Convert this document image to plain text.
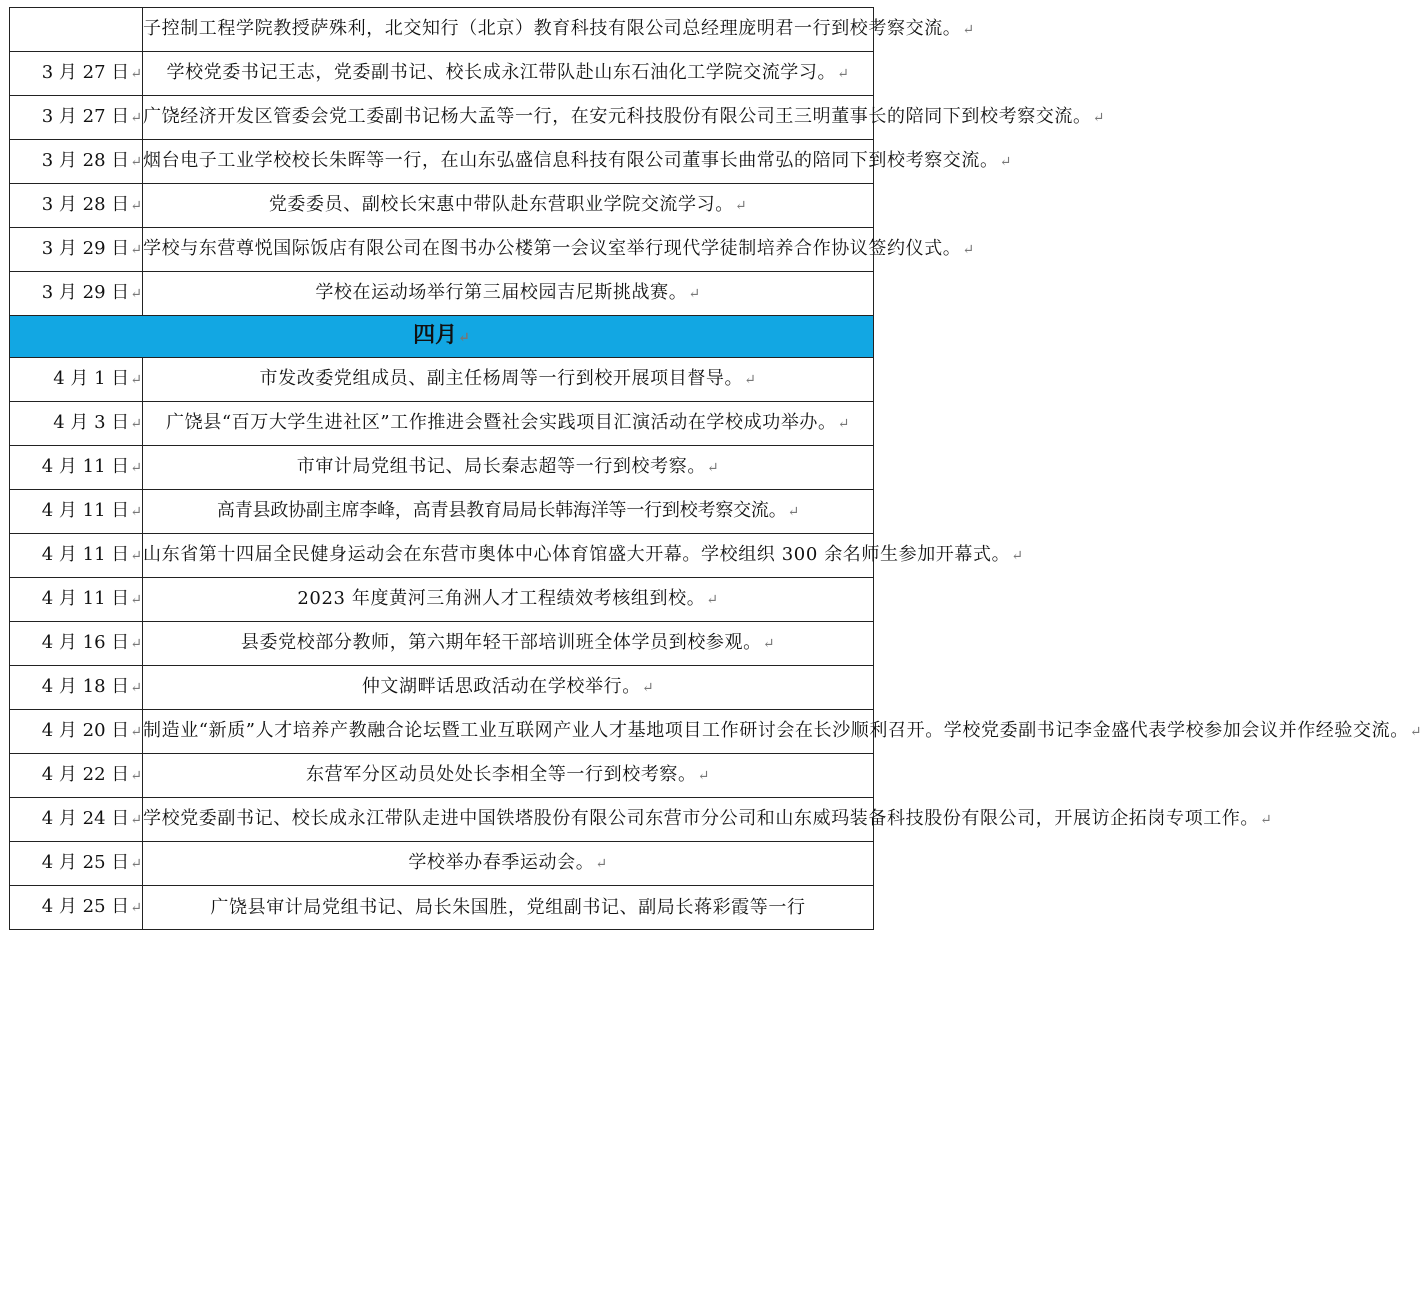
	子控制工程学院教授萨殊利，北交知行（北京）教育科技有限公司总经理庞明君一行到校考察交流。 ↵
3 月 27 日 ↵	学校党委书记王志，党委副书记、校长成永江带队赴山东石油化工学院交流学习。 ↵
3 月 27 日 ↵	广饶经济开发区管委会党工委副书记杨大孟等一行，在安元科技股份有限公司王三明董事长的陪同下到校考察交流。 ↵
3 月 28 日 ↵	烟台电子工业学校校长朱晖等一行，在山东弘盛信息科技有限公司董事长曲常弘的陪同下到校考察交流。 ↵
3 月 28 日 ↵	党委委员、副校长宋惠中带队赴东营职业学院交流学习。 ↵
3 月 29 日 ↵	学校与东营尊悦国际饭店有限公司在图书办公楼第一会议室举行现代学徒制培养合作协议签约仪式。 ↵
3 月 29 日 ↵	学校在运动场举行第三届校园吉尼斯挑战赛。 ↵
四月 ↵
4 月 1 日 ↵	市发改委党组成员、副主任杨周等一行到校开展项目督导。 ↵
4 月 3 日 ↵	广饶县“百万大学生进社区”工作推进会暨社会实践项目汇演活动在学校成功举办。 ↵
4 月 11 日 ↵	市审计局党组书记、局长秦志超等一行到校考察。 ↵
4 月 11 日 ↵	高青县政协副主席李峰，高青县教育局局长韩海洋等一行到校考察交流。 ↵
4 月 11 日 ↵	山东省第十四届全民健身运动会在东营市奥体中心体育馆盛大开幕。学校组织 300 余名师生参加开幕式。 ↵
4 月 11 日 ↵	2023 年度黄河三角洲人才工程绩效考核组到校。 ↵
4 月 16 日 ↵	县委党校部分教师，第六期年轻干部培训班全体学员到校参观。 ↵
4 月 18 日 ↵	仲文湖畔话思政活动在学校举行。 ↵
4 月 20 日 ↵	制造业“新质”人才培养产教融合论坛暨工业互联网产业人才基地项目工作研讨会在长沙顺利召开。学校党委副书记李金盛代表学校参加会议并作经验交流。 ↵
4 月 22 日 ↵	东营军分区动员处处长李相全等一行到校考察。 ↵
4 月 24 日 ↵	学校党委副书记、校长成永江带队走进中国铁塔股份有限公司东营市分公司和山东威玛装备科技股份有限公司，开展访企拓岗专项工作。 ↵
4 月 25 日 ↵	学校举办春季运动会。 ↵
4 月 25 日 ↵	广饶县审计局党组书记、局长朱国胜，党组副书记、副局长蒋彩霞等一行
